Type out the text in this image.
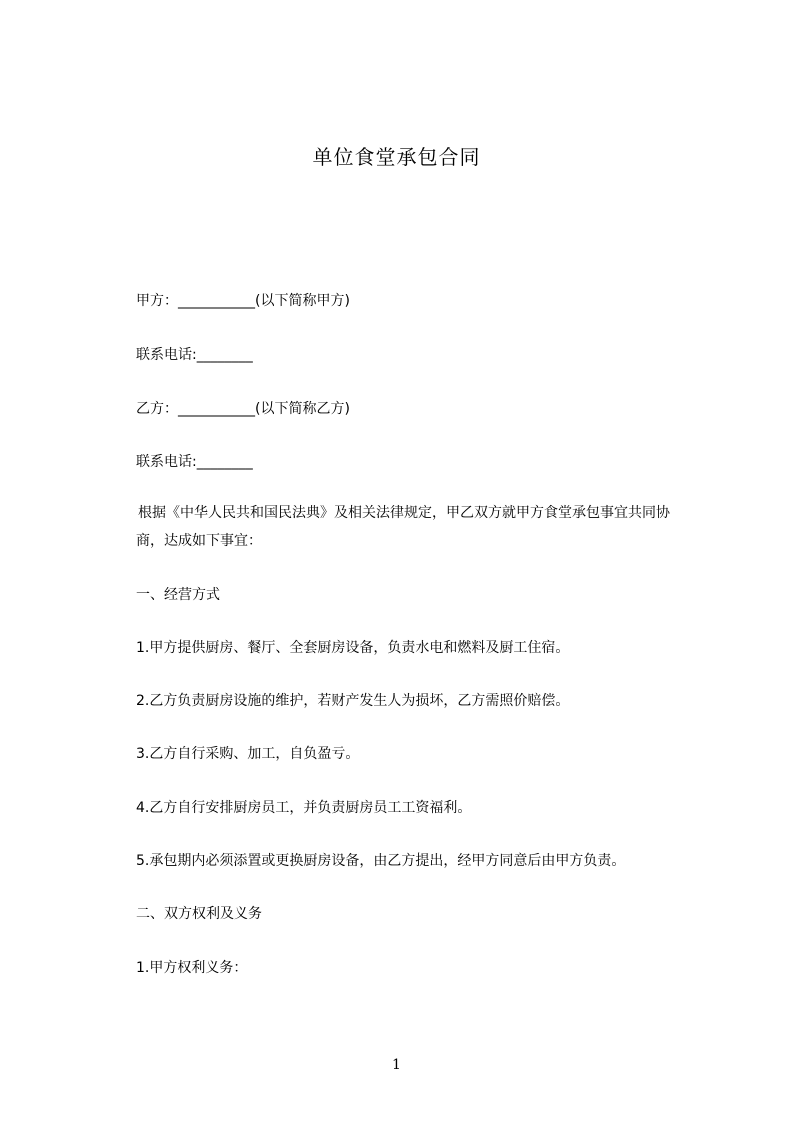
单位食堂承包合同
甲方：___________(以下简称甲方)
联系电话:________
乙方：___________(以下简称乙方)
联系电话:________
根据《中华人民共和国民法典》及相关法律规定，甲乙双方就甲方食堂承包事宜共同协商，达成如下事宜：
一、经营方式
1.甲方提供厨房、餐厅、全套厨房设备，负责水电和燃料及厨工住宿。
2.乙方负责厨房设施的维护，若财产发生人为损坏，乙方需照价赔偿。
3.乙方自行采购、加工，自负盈亏。
4.乙方自行安排厨房员工，并负责厨房员工工资福利。
5.承包期内必须添置或更换厨房设备，由乙方提出，经甲方同意后由甲方负责。
二、双方权利及义务
1.甲方权利义务：
1
